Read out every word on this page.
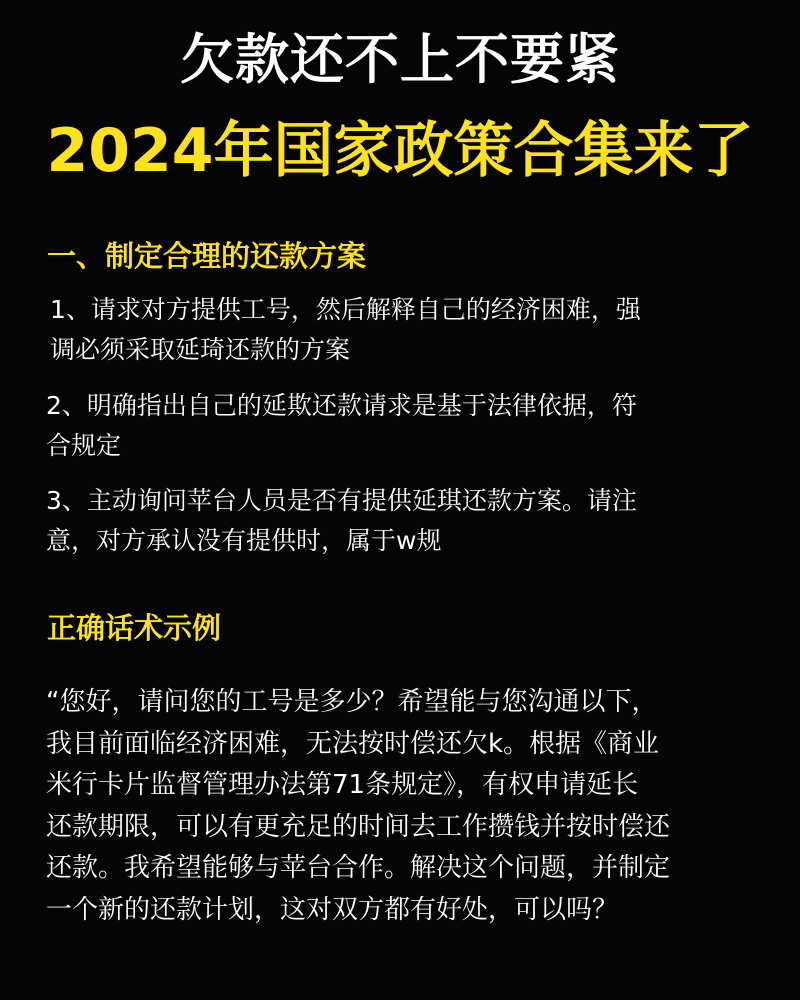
欠款还不上不要紧
2024年国家政策合集来了
一、制定合理的还款方案
1、请求对方提供工号，然后解释自己的经济困难，强
调必须采取延琦还款的方案
2、明确指出自己的延欺还款请求是基于法律依据，符
合规定
3、主动询问苹台人员是否有提供延琪还款方案。请注
意，对方承认没有提供时，属于w规
正确话术示例
“您好，请问您的工号是多少？希望能与您沟通以下，
我目前面临经济困难，无法按时偿还欠k。根据《商业
米行卡片监督管理办法第71条规定》，有权申请延长
还款期限，可以有更充足的时间去工作攒钱并按时偿还
还款。我希望能够与苹台合作。解决这个问题，并制定
一个新的还款计划，这对双方都有好处，可以吗？
